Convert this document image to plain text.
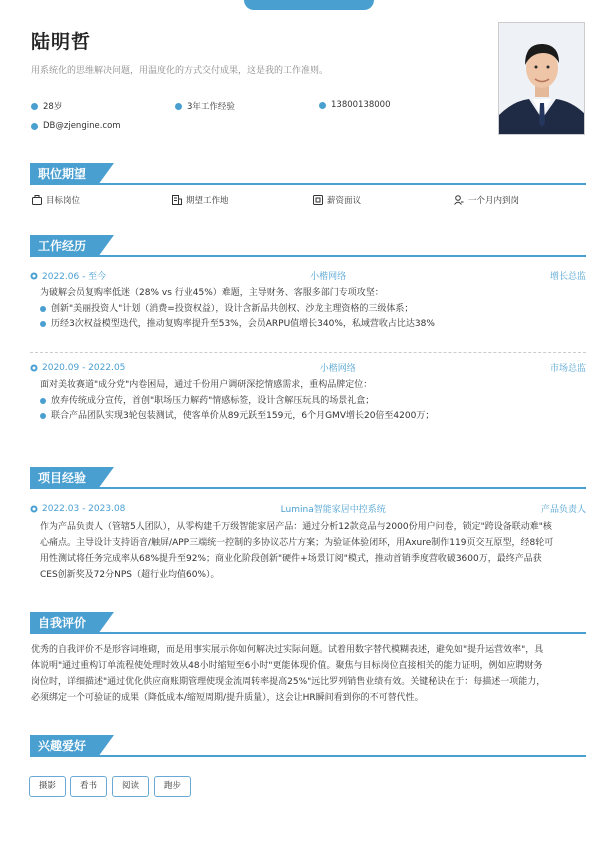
陆明哲
用系统化的思维解决问题，用温度化的方式交付成果，这是我的工作准则。
28岁	3年工作经验	13800138000
DB@zjengine.com
职位期望
目标岗位	期望工作地	薪资面议	一个月内到岗
工作经历
2022.06 - 至今	小楷网络	增长总监
为破解会员复购率低迷（28% vs 行业45%）难题，主导财务、客服多部门专项攻坚：
创新"美丽投资人"计划（消费=投资权益），设计含新品共创权、沙龙主理资格的三级体系；
历经3次权益模型迭代，推动复购率提升至53%，会员ARPU值增长340%，私域营收占比达38%
2020.09 - 2022.05	小楷网络	市场总监
面对美妆赛道"成分党"内卷困局，通过千份用户调研深挖情感需求，重构品牌定位：
放弃传统成分宣传，首创"职场压力解药"情感标签，设计含解压玩具的场景礼盒；
联合产品团队实现3轮包装测试，使客单价从89元跃至159元，6个月GMV增长20倍至4200万；
项目经验
2022.03 - 2023.08	Lumina智能家居中控系统	产品负责人
作为产品负责人（管辖5人团队），从零构建千万级智能家居产品：通过分析12款竞品与2000份用户问卷，锁定"跨设备联动难"核
心痛点。主导设计支持语音/触屏/APP三端统一控制的多协议芯片方案；为验证体验闭环，用Axure制作119页交互原型，经8轮可
用性测试将任务完成率从68%提升至92%；商业化阶段创新"硬件+场景订阅"模式，推动首销季度营收破3600万，最终产品获
CES创新奖及72分NPS（超行业均值60%）。
自我评价
优秀的自我评价不是形容词堆砌，而是用事实展示你如何解决过实际问题。试着用数字替代模糊表述，避免如"提升运营效率"，具
体说明"通过重构订单流程使处理时效从48小时缩短至6小时"更能体现价值。聚焦与目标岗位直接相关的能力证明，例如应聘财务
岗位时，详细描述"通过优化供应商账期管理使现金流周转率提高25%"远比罗列销售业绩有效。关键秘诀在于：每描述一项能力，
必须绑定一个可验证的成果（降低成本/缩短周期/提升质量），这会让HR瞬间看到你的不可替代性。
兴趣爱好
摄影	看书	阅读	跑步
